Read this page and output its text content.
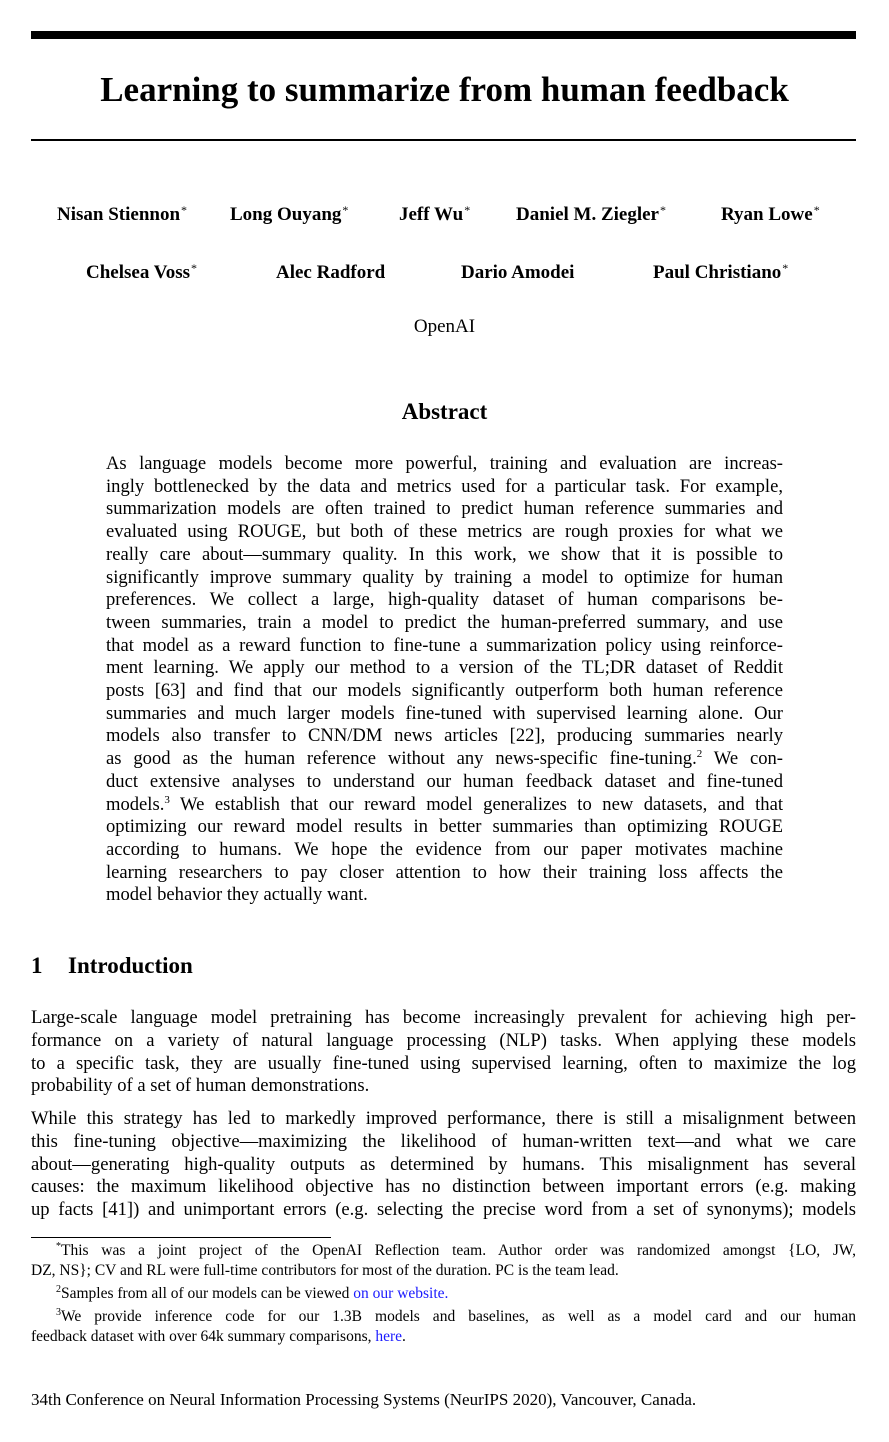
Learning to summarize from human feedback
Nisan Stiennon* Long Ouyang*	Jeff Wu* Daniel M. Ziegler*	Ryan Lowe*
Chelsea Voss*	Alec Radford	Dario Amodei	Paul Christiano*
OpenAI
Abstract
As language models become more powerful, training and evaluation are increas-
ingly bottlenecked by the data and metrics used for a particular task. For example,
summarization models are often trained to predict human reference summaries and
evaluated using ROUGE, but both of these metrics are rough proxies for what we
really care about—summary quality. In this work, we show that it is possible to
significantly improve summary quality by training a model to optimize for human
preferences. We collect a large, high-quality dataset of human comparisons be-
tween summaries, train a model to predict the human-preferred summary, and use
that model as a reward function to fine-tune a summarization policy using reinforce-
ment learning. We apply our method to a version of the TL;DR dataset of Reddit
posts [63] and find that our models significantly outperform both human reference
summaries and much larger models fine-tuned with supervised learning alone. Our
models also transfer to CNN/DM news articles [22], producing summaries nearly
as good as the human reference without any news-specific fine-tuning.$^2$ We con-
duct extensive analyses to understand our human feedback dataset and fine-tuned
models.$^3$ We establish that our reward model generalizes to new datasets, and that
optimizing our reward model results in better summaries than optimizing ROUGE
according to humans. We hope the evidence from our paper motivates machine
learning researchers to pay closer attention to how their training loss affects the
model behavior they actually want.
1 Introduction
Large-scale language model pretraining has become increasingly prevalent for achieving high per-
formance on a variety of natural language processing (NLP) tasks. When applying these models
to a specific task, they are usually fine-tuned using supervised learning, often to maximize the log
probability of a set of human demonstrations.
While this strategy has led to markedly improved performance, there is still a misalignment between
this fine-tuning objective—maximizing the likelihood of human-written text—and what we care
about—generating high-quality outputs as determined by humans. This misalignment has several
causes: the maximum likelihood objective has no distinction between important errors (e.g. making
up facts [41]) and unimportant errors (e.g. selecting the precise word from a set of synonyms); models
*This was a joint project of the OpenAI Reflection team. Author order was randomized amongst {LO, JW,
DZ, NS}; CV and RL were full-time contributors for most of the duration. PC is the team lead.
$^2$Samples from all of our models can be viewed on our website.
$^3$We provide inference code for our 1.3B models and baselines, as well as a model card and our human
feedback dataset with over 64k summary comparisons, here.
34th Conference on Neural Information Processing Systems (NeurIPS 2020), Vancouver, Canada.
